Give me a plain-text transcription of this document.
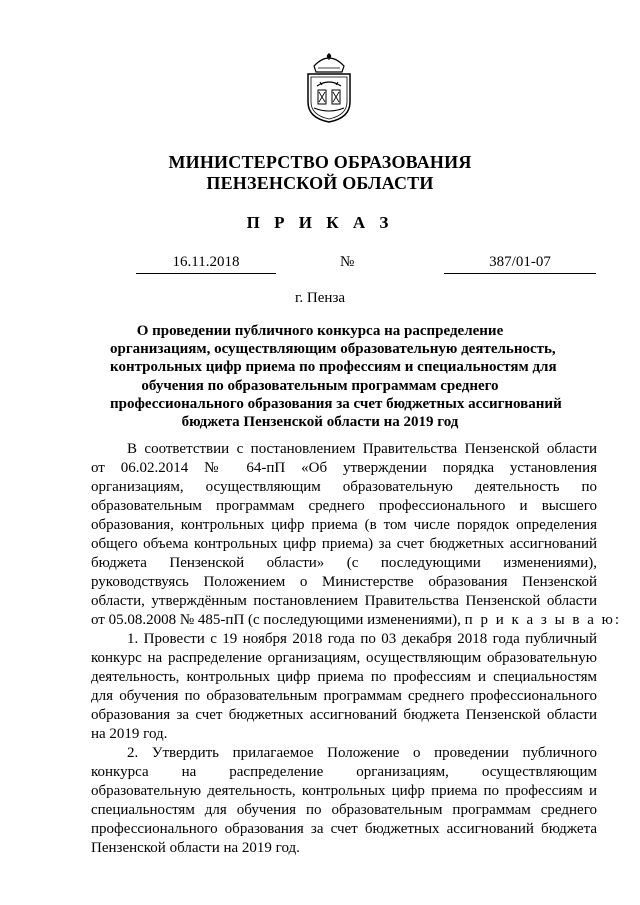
МИНИСТЕРСТВО ОБРАЗОВАНИЯ
ПЕНЗЕНСКОЙ ОБЛАСТИ
П Р И К А З
16.11.2018	№	387/01-07
г. Пенза
О проведении публичного конкурса на распределение
организациям, осуществляющим образовательную деятельность,
контрольных цифр приема по профессиям и специальностям для
обучения по образовательным программам среднего
профессионального образования за счет бюджетных ассигнований
бюджета Пензенской области на 2019 год
В соответствии с постановлением Правительства Пензенской области
от 06.02.2014 № 64-пП «Об утверждении порядка установления
организациям, осуществляющим образовательную деятельность по
образовательным программам среднего профессионального и высшего
образования, контрольных цифр приема (в том числе порядок определения
общего объема контрольных цифр приема) за счет бюджетных ассигнований
бюджета Пензенской области» (с последующими изменениями),
руководствуясь Положением о Министерстве образования Пензенской
области, утверждённым постановлением Правительства Пензенской области
от 05.08.2008 № 485-пП (с последующими изменениями), п р и к а з ы в а ю:
1. Провести с 19 ноября 2018 года по 03 декабря 2018 года публичный
конкурс на распределение организациям, осуществляющим образовательную
деятельность, контрольных цифр приема по профессиям и специальностям
для обучения по образовательным программам среднего профессионального
образования за счет бюджетных ассигнований бюджета Пензенской области
на 2019 год.
2. Утвердить прилагаемое Положение о проведении публичного
конкурса на распределение организациям, осуществляющим
образовательную деятельность, контрольных цифр приема по профессиям и
специальностям для обучения по образовательным программам среднего
профессионального образования за счет бюджетных ассигнований бюджета
Пензенской области на 2019 год.
